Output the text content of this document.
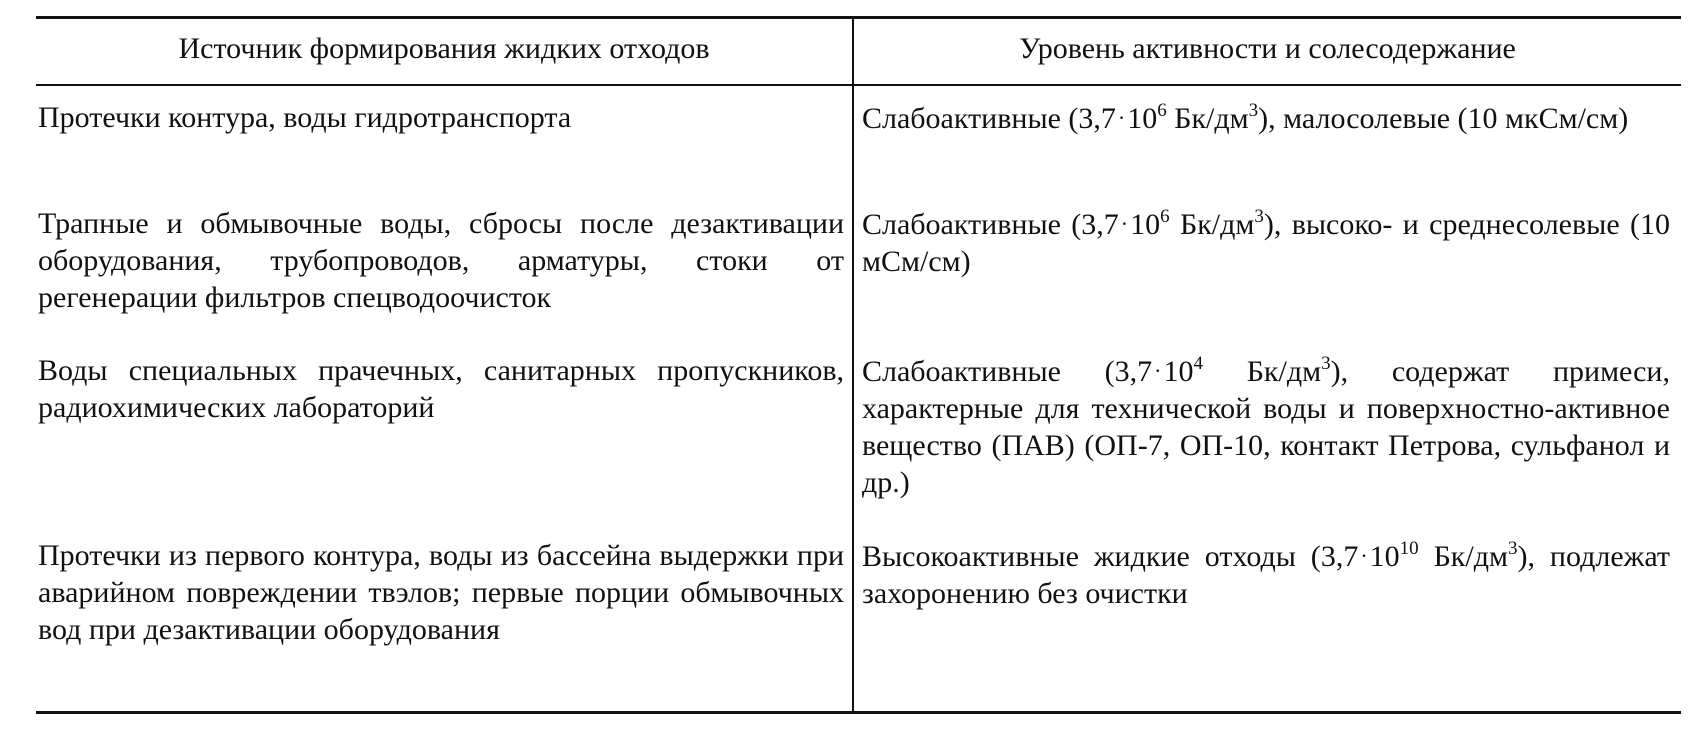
Источник формирования жидких отходов	Уровень активности и солесодержание
Протечки контура, воды гидротранспорта	Слабоактивные ($3,7\cdot 10^6$ $Бк/дм^3$), малосолевые (10 мкСм/см)
Трапные и обмывочные воды, сбросы после дезактивации оборудования, трубопроводов, арматуры, стоки от регенерации фильтров спецводоочисток
Слабоактивные ($3,7\cdot 10^6$ $Бк/дм^3$), высоко- и среднесолевые (10 мСм/см)
Воды специальных прачечных, санитарных пропускников, радиохимических лабораторий
Слабоактивные ($3,7\cdot 10^4$ $Бк/дм^3$), содержат примеси, характерные для технической воды и поверхностно-активное вещество (ПАВ) (ОП-7, ОП-10, контакт Петрова, сульфанол и др.)
Протечки из первого контура, воды из бассейна выдержки при аварийном повреждении твэлов; первые порции обмывочных вод при дезактивации оборудования
Высокоактивные жидкие отходы ($3,7\cdot 10^{10}$ $Бк/дм^3$), подлежат захоронению без очистки
